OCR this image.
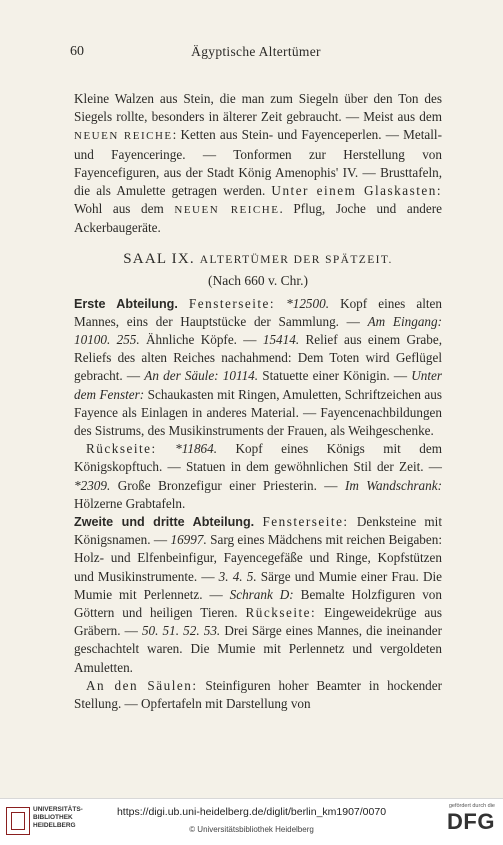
60	Ägyptische Altertümer
Kleine Walzen aus Stein, die man zum Siegeln über den Ton des Siegels rollte, besonders in älterer Zeit gebraucht. — Meist aus dem NEUEN REICHE: Ketten aus Stein- und Fayenceperlen. — Metall- und Fayenceringe. — Tonformen zur Herstellung von Fayencefiguren, aus der Stadt König Amenophis' IV. — Brusttafeln, die als Amulette getragen werden. Unter einem Glaskasten: Wohl aus dem NEUEN REICHE. Pflug, Joche und andere Ackerbaugeräte.
SAAL IX. ALTERTÜMER DER SPÄTZEIT.
(Nach 660 v. Chr.)
Erste Abteilung. Fensterseite: *12500. Kopf eines alten Mannes, eins der Hauptstücke der Sammlung. — Am Eingang: 10100. 255. Ähnliche Köpfe. — 15414. Relief aus einem Grabe, Reliefs des alten Reiches nachahmend: Dem Toten wird Geflügel gebracht. — An der Säule: 10114. Statuette einer Königin. — Unter dem Fenster: Schaukasten mit Ringen, Amuletten, Schriftzeichen aus Fayence als Einlagen in anderes Material. — Fayencenachbildungen des Sistrums, des Musikinstruments der Frauen, als Weihgeschenke.
Rückseite: *11864. Kopf eines Königs mit dem Königskopftuch. — Statuen in dem gewöhnlichen Stil der Zeit. — *2309. Große Bronzefigur einer Priesterin. — Im Wandschrank: Hölzerne Grabtafeln.
Zweite und dritte Abteilung. Fensterseite: Denksteine mit Königsnamen. — 16997. Sarg eines Mädchens mit reichen Beigaben: Holz- und Elfenbeinfigur, Fayencegefäße und Ringe, Kopfstützen und Musikinstrumente. — 3. 4. 5. Särge und Mumie einer Frau. Die Mumie mit Perlennetz. — Schrank D: Bemalte Holzfiguren von Göttern und heiligen Tieren. Rückseite: Eingeweidekrüge aus Gräbern. — 50. 51. 52. 53. Drei Särge eines Mannes, die ineinander geschachtelt waren. Die Mumie mit Perlennetz und vergoldeten Amuletten.
An den Säulen: Steinfiguren hoher Beamter in hockender Stellung. — Opfertafeln mit Darstellung von
UNIVERSITÄTS- BIBLIOTHEK HEIDELBERG
https://digi.ub.uni-heidelberg.de/diglit/berlin_km1907/0070
© Universitätsbibliothek Heidelberg
gefördert durch die
DFG
